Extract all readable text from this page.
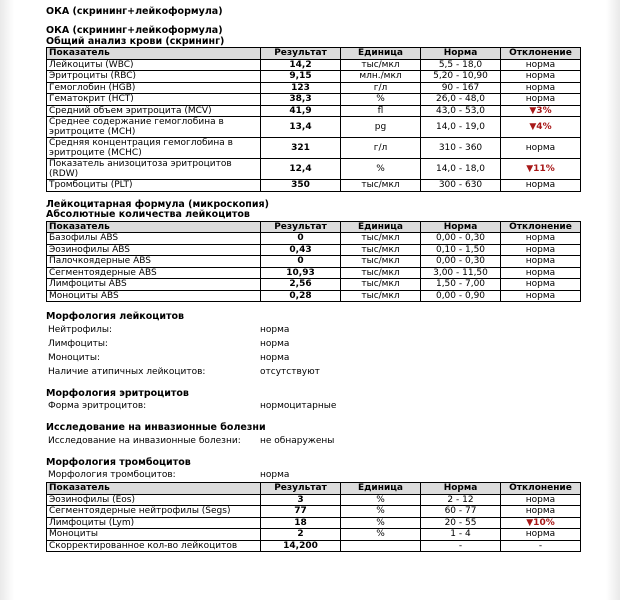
ОКА (скрининг+лейкоформула)
ОКА (скрининг+лейкоформула)
Общий анализ крови (скрининг)
Показатель	Результат	Единица	Норма	Отклонение
Лейкоциты (WBC)	14,2	тыс/мкл	5,5 - 18,0	норма
Эритроциты (RBC)	9,15	млн./мкл	5,20 - 10,90	норма
Гемоглобин (HGB)	123	г/л	90 - 167	норма
Гематокрит (HCT)	38,3	%	26,0 - 48,0	норма
Средний объем эритроцита (MCV)	41,9	fl	43,0 - 53,0	▼3%
Среднее содержание гемоглобина в эритроците (MCH)	13,4	pg	14,0 - 19,0	▼4%
Средняя концентрация гемоглобина в эритроците (MCHC)	321	г/л	310 - 360	норма
Показатель анизоцитоза эритроцитов (RDW)	12,4	%	14,0 - 18,0	▼11%
Тромбоциты (PLT)	350	тыс/мкл	300 - 630	норма
Лейкоцитарная формула (микроскопия)
Абсолютные количества лейкоцитов
Показатель	Результат	Единица	Норма	Отклонение
Базофилы ABS	0	тыс/мкл	0,00 - 0,30	норма
Эозинофилы ABS	0,43	тыс/мкл	0,10 - 1,50	норма
Палочкоядерные ABS	0	тыс/мкл	0,00 - 0,30	норма
Сегментоядерные ABS	10,93	тыс/мкл	3,00 - 11,50	норма
Лимфоциты ABS	2,56	тыс/мкл	1,50 - 7,00	норма
Моноциты ABS	0,28	тыс/мкл	0,00 - 0,90	норма
Морфология лейкоцитов
Нейтрофилы:	норма
Лимфоциты:	норма
Моноциты:	норма
Наличие атипичных лейкоцитов:	отсутствуют
Морфология эритроцитов
Форма эритроцитов:	нормоцитарные
Исследование на инвазионные болезни
Исследование на инвазионные болезни:	не обнаружены
Морфология тромбоцитов
Морфология тромбоцитов:	норма
Показатель	Результат	Единица	Норма	Отклонение
Эозинофилы (Eos)	3	%	2 - 12	норма
Сегментоядерные нейтрофилы (Segs)	77	%	60 - 77	норма
Лимфоциты (Lym)	18	%	20 - 55	▼10%
Моноциты	2	%	1 - 4	норма
Скорректированное кол-во лейкоцитов	14,200		-	-
